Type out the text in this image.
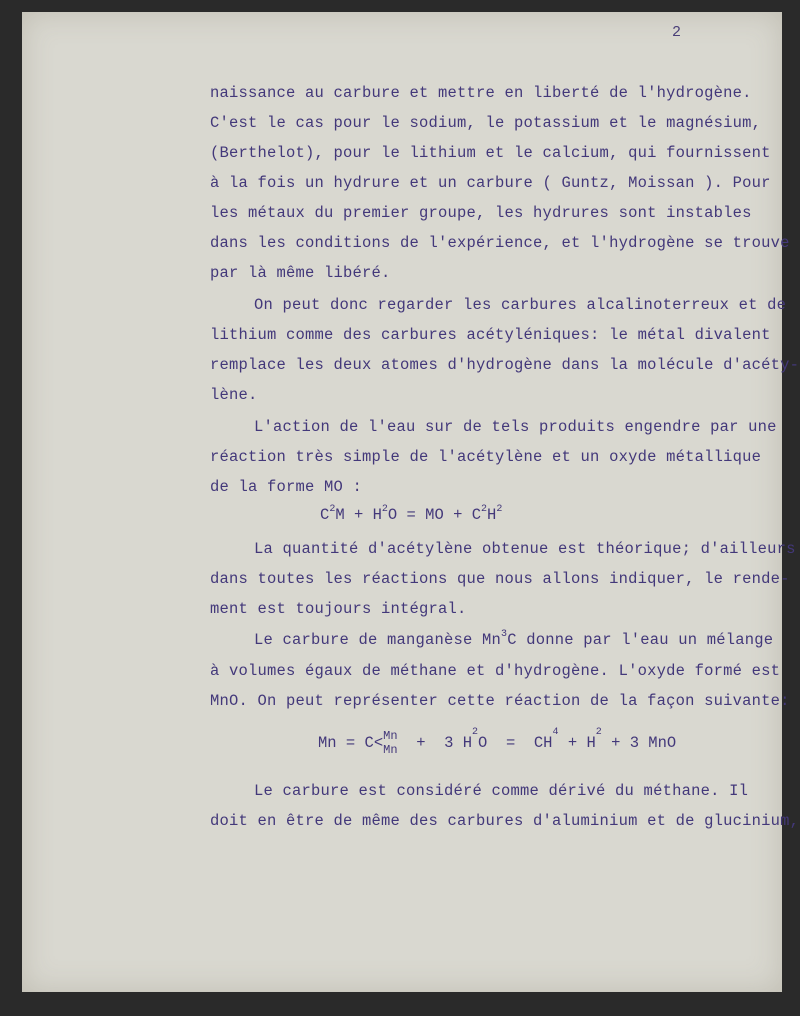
2
naissance au carbure et mettre en liberté de l'hydrogène.
C'est le cas pour le sodium, le potassium et le magnésium,
(Berthelot), pour le lithium et le calcium, qui fournissent
à la fois un hydrure et un carbure ( Guntz, Moissan ). Pour
les métaux du premier groupe, les hydrures sont instables
dans les conditions de l'expérience, et l'hydrogène se trouve
par là même libéré.
On peut donc regarder les carbures alcalinoterreux et de
lithium comme des carbures acétyléniques: le métal divalent
remplace les deux atomes d'hydrogène dans la molécule d'acéty-
lène.
L'action de l'eau sur de tels produits engendre par une
réaction très simple de l'acétylène et un oxyde métallique
de la forme MO :
$C^2M + H^2O$ = MO + $C^2H^2$
La quantité d'acétylène obtenue est théorique; d'ailleurs
dans toutes les réactions que nous allons indiquer, le rende-
ment est toujours intégral.
Le carbure de manganèse Mn$^3$C donne par l'eau un mélange
à volumes égaux de méthane et d'hydrogène. L'oxyde formé est
MnO. On peut représenter cette réaction de la façon suivante:
Mn = C<Mn
Mn + 3 $H^2O = CH^4 + H^2 + 3$ MnO
Le carbure est considéré comme dérivé du méthane. Il
doit en être de même des carbures d'aluminium et de glucinium,
